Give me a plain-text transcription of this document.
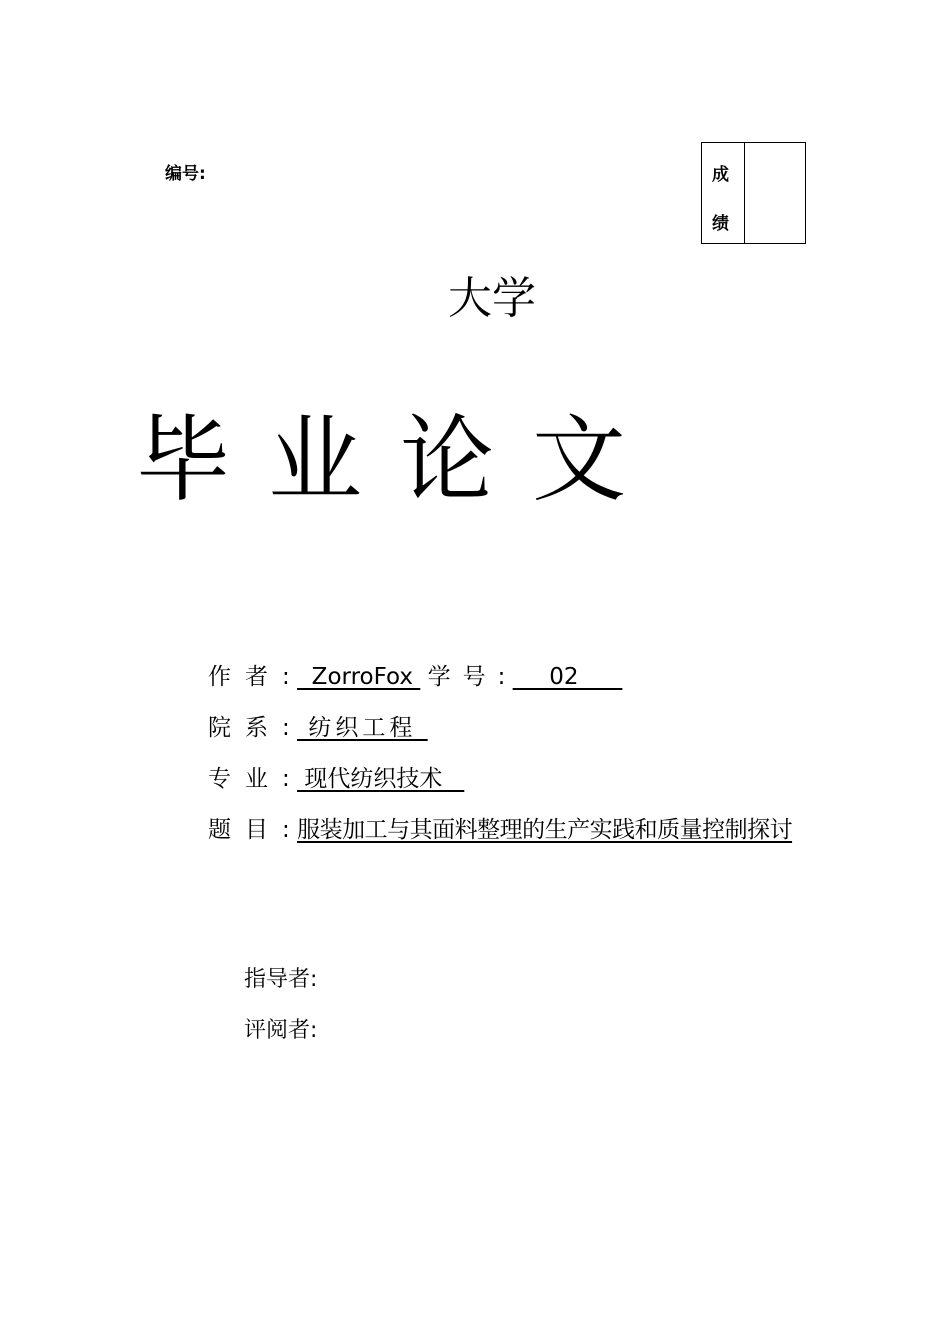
编号:	成
绩
大学
毕业论文
作者:   ZorroFox  学号:      02
院系:  纺织工程
专业:  现代纺织技术
题目: 服装加工与其面料整理的生产实践和质量控制探讨
指导者:
评阅者:
